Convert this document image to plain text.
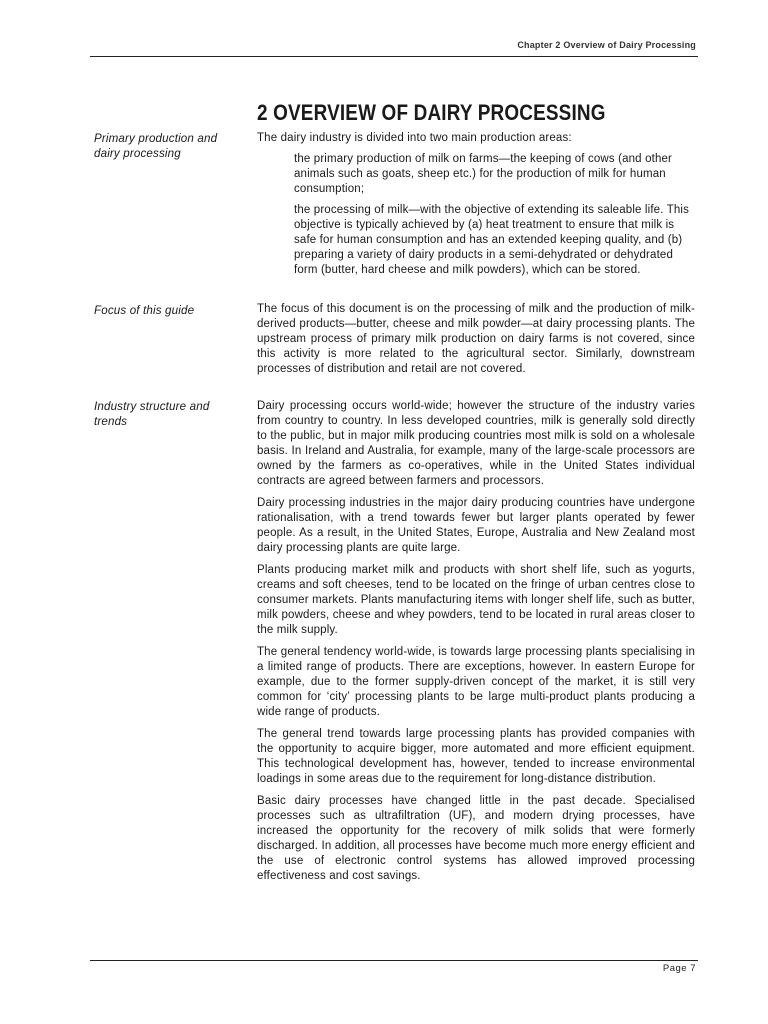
Chapter 2 Overview of Dairy Processing
2 OVERVIEW OF DAIRY PROCESSING
Primary production and dairy processing

The dairy industry is divided into two main production areas:

the primary production of milk on farms—the keeping of cows (and other animals such as goats, sheep etc.) for the production of milk for human consumption;

the processing of milk—with the objective of extending its saleable life. This objective is typically achieved by (a) heat treatment to ensure that milk is safe for human consumption and has an extended keeping quality, and (b) preparing a variety of dairy products in a semi-dehydrated or dehydrated form (butter, hard cheese and milk powders), which can be stored.

Focus of this guide	The focus of this document is on the processing of milk and the production of milk-derived products—butter, cheese and milk powder—at dairy processing plants. The upstream process of primary milk production on dairy farms is not covered, since this activity is more related to the agricultural sector. Similarly, downstream processes of distribution and retail are not covered.

Industry structure and trends

Dairy processing occurs world-wide; however the structure of the industry varies from country to country. In less developed countries, milk is generally sold directly to the public, but in major milk producing countries most milk is sold on a wholesale basis. In Ireland and Australia, for example, many of the large-scale processors are owned by the farmers as co-operatives, while in the United States individual contracts are agreed between farmers and processors.

Dairy processing industries in the major dairy producing countries have undergone rationalisation, with a trend towards fewer but larger plants operated by fewer people. As a result, in the United States, Europe, Australia and New Zealand most dairy processing plants are quite large.

Plants producing market milk and products with short shelf life, such as yogurts, creams and soft cheeses, tend to be located on the fringe of urban centres close to consumer markets. Plants manufacturing items with longer shelf life, such as butter, milk powders, cheese and whey powders, tend to be located in rural areas closer to the milk supply.

The general tendency world-wide, is towards large processing plants specialising in a limited range of products. There are exceptions, however. In eastern Europe for example, due to the former supply-driven concept of the market, it is still very common for ‘city’ processing plants to be large multi-product plants producing a wide range of products.

The general trend towards large processing plants has provided companies with the opportunity to acquire bigger, more automated and more efficient equipment. This technological development has, however, tended to increase environmental loadings in some areas due to the requirement for long-distance distribution.

Basic dairy processes have changed little in the past decade. Specialised processes such as ultrafiltration (UF), and modern drying processes, have increased the opportunity for the recovery of milk solids that were formerly discharged. In addition, all processes have become much more energy efficient and the use of electronic control systems has allowed improved processing effectiveness and cost savings.

Page 7
